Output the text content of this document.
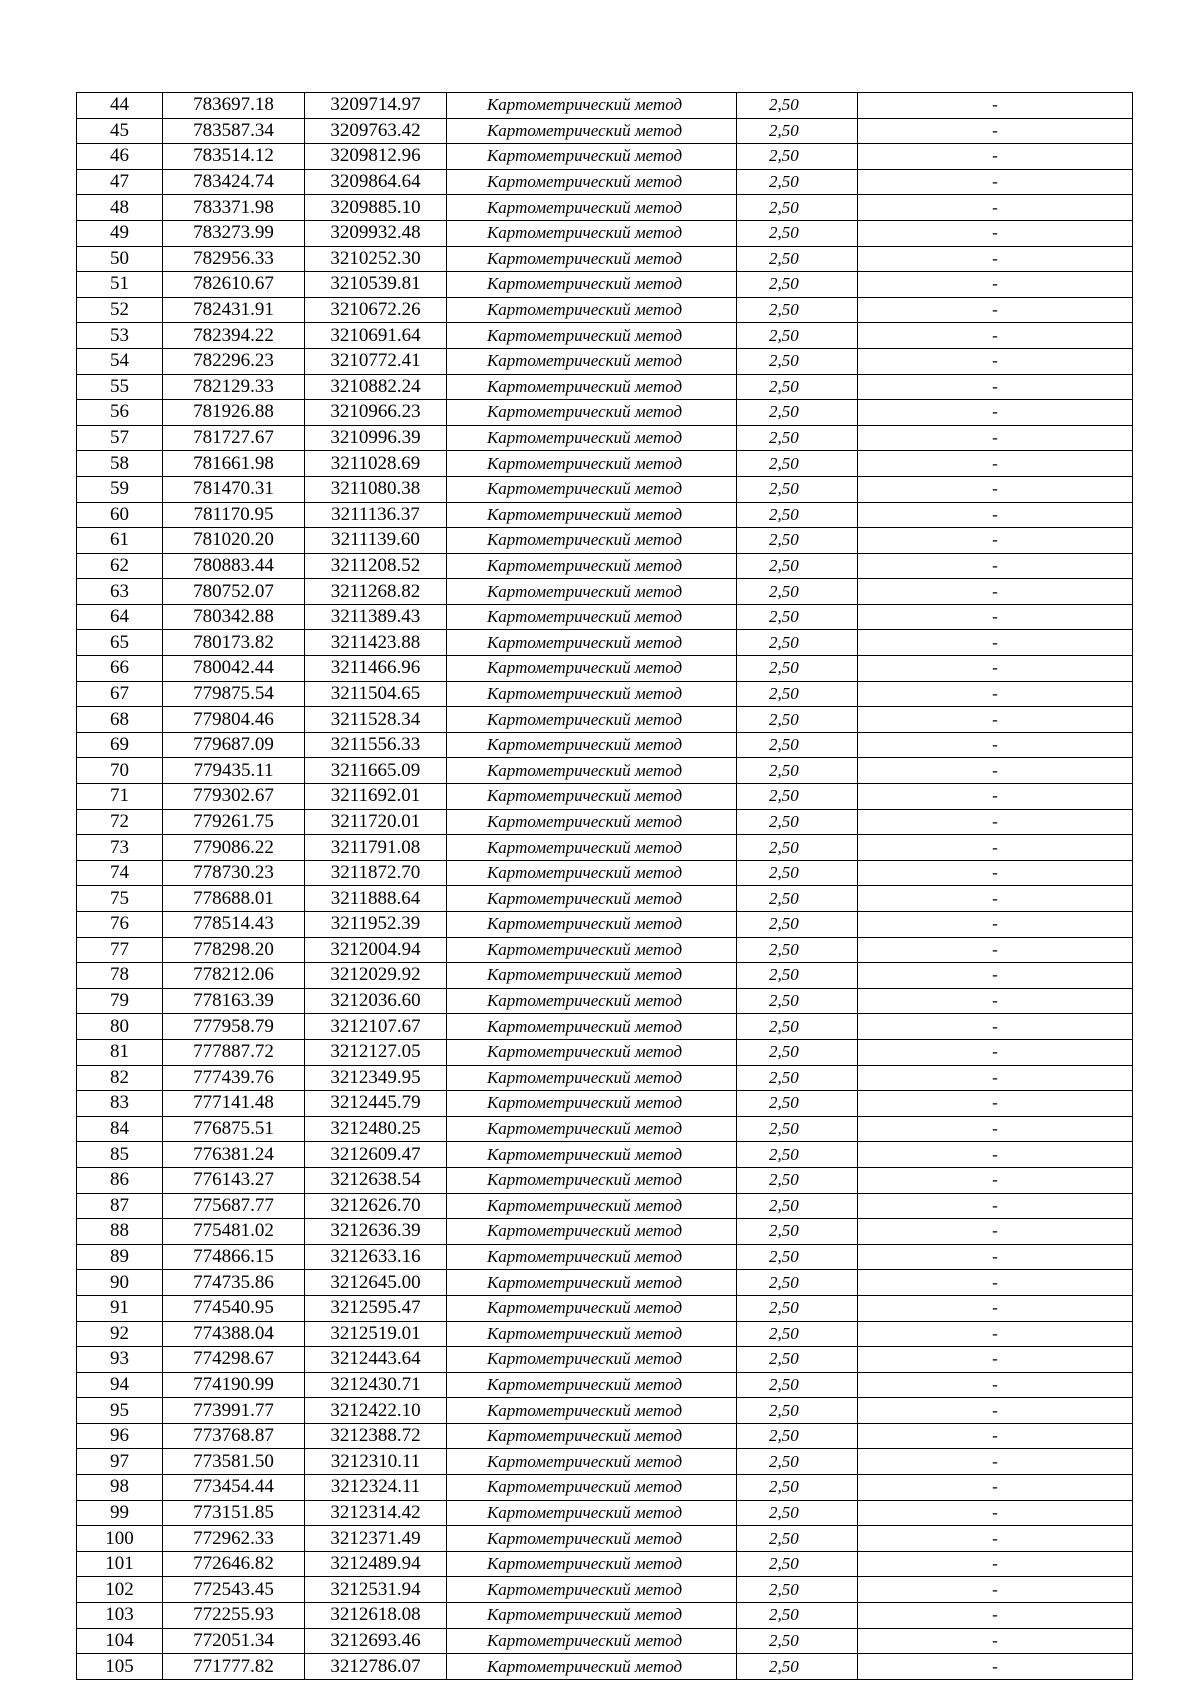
44	783697.18	3209714.97	Картометрический метод	2,50	-
45	783587.34	3209763.42	Картометрический метод	2,50	-
46	783514.12	3209812.96	Картометрический метод	2,50	-
47	783424.74	3209864.64	Картометрический метод	2,50	-
48	783371.98	3209885.10	Картометрический метод	2,50	-
49	783273.99	3209932.48	Картометрический метод	2,50	-
50	782956.33	3210252.30	Картометрический метод	2,50	-
51	782610.67	3210539.81	Картометрический метод	2,50	-
52	782431.91	3210672.26	Картометрический метод	2,50	-
53	782394.22	3210691.64	Картометрический метод	2,50	-
54	782296.23	3210772.41	Картометрический метод	2,50	-
55	782129.33	3210882.24	Картометрический метод	2,50	-
56	781926.88	3210966.23	Картометрический метод	2,50	-
57	781727.67	3210996.39	Картометрический метод	2,50	-
58	781661.98	3211028.69	Картометрический метод	2,50	-
59	781470.31	3211080.38	Картометрический метод	2,50	-
60	781170.95	3211136.37	Картометрический метод	2,50	-
61	781020.20	3211139.60	Картометрический метод	2,50	-
62	780883.44	3211208.52	Картометрический метод	2,50	-
63	780752.07	3211268.82	Картометрический метод	2,50	-
64	780342.88	3211389.43	Картометрический метод	2,50	-
65	780173.82	3211423.88	Картометрический метод	2,50	-
66	780042.44	3211466.96	Картометрический метод	2,50	-
67	779875.54	3211504.65	Картометрический метод	2,50	-
68	779804.46	3211528.34	Картометрический метод	2,50	-
69	779687.09	3211556.33	Картометрический метод	2,50	-
70	779435.11	3211665.09	Картометрический метод	2,50	-
71	779302.67	3211692.01	Картометрический метод	2,50	-
72	779261.75	3211720.01	Картометрический метод	2,50	-
73	779086.22	3211791.08	Картометрический метод	2,50	-
74	778730.23	3211872.70	Картометрический метод	2,50	-
75	778688.01	3211888.64	Картометрический метод	2,50	-
76	778514.43	3211952.39	Картометрический метод	2,50	-
77	778298.20	3212004.94	Картометрический метод	2,50	-
78	778212.06	3212029.92	Картометрический метод	2,50	-
79	778163.39	3212036.60	Картометрический метод	2,50	-
80	777958.79	3212107.67	Картометрический метод	2,50	-
81	777887.72	3212127.05	Картометрический метод	2,50	-
82	777439.76	3212349.95	Картометрический метод	2,50	-
83	777141.48	3212445.79	Картометрический метод	2,50	-
84	776875.51	3212480.25	Картометрический метод	2,50	-
85	776381.24	3212609.47	Картометрический метод	2,50	-
86	776143.27	3212638.54	Картометрический метод	2,50	-
87	775687.77	3212626.70	Картометрический метод	2,50	-
88	775481.02	3212636.39	Картометрический метод	2,50	-
89	774866.15	3212633.16	Картометрический метод	2,50	-
90	774735.86	3212645.00	Картометрический метод	2,50	-
91	774540.95	3212595.47	Картометрический метод	2,50	-
92	774388.04	3212519.01	Картометрический метод	2,50	-
93	774298.67	3212443.64	Картометрический метод	2,50	-
94	774190.99	3212430.71	Картометрический метод	2,50	-
95	773991.77	3212422.10	Картометрический метод	2,50	-
96	773768.87	3212388.72	Картометрический метод	2,50	-
97	773581.50	3212310.11	Картометрический метод	2,50	-
98	773454.44	3212324.11	Картометрический метод	2,50	-
99	773151.85	3212314.42	Картометрический метод	2,50	-
100	772962.33	3212371.49	Картометрический метод	2,50	-
101	772646.82	3212489.94	Картометрический метод	2,50	-
102	772543.45	3212531.94	Картометрический метод	2,50	-
103	772255.93	3212618.08	Картометрический метод	2,50	-
104	772051.34	3212693.46	Картометрический метод	2,50	-
105	771777.82	3212786.07	Картометрический метод	2,50	-
